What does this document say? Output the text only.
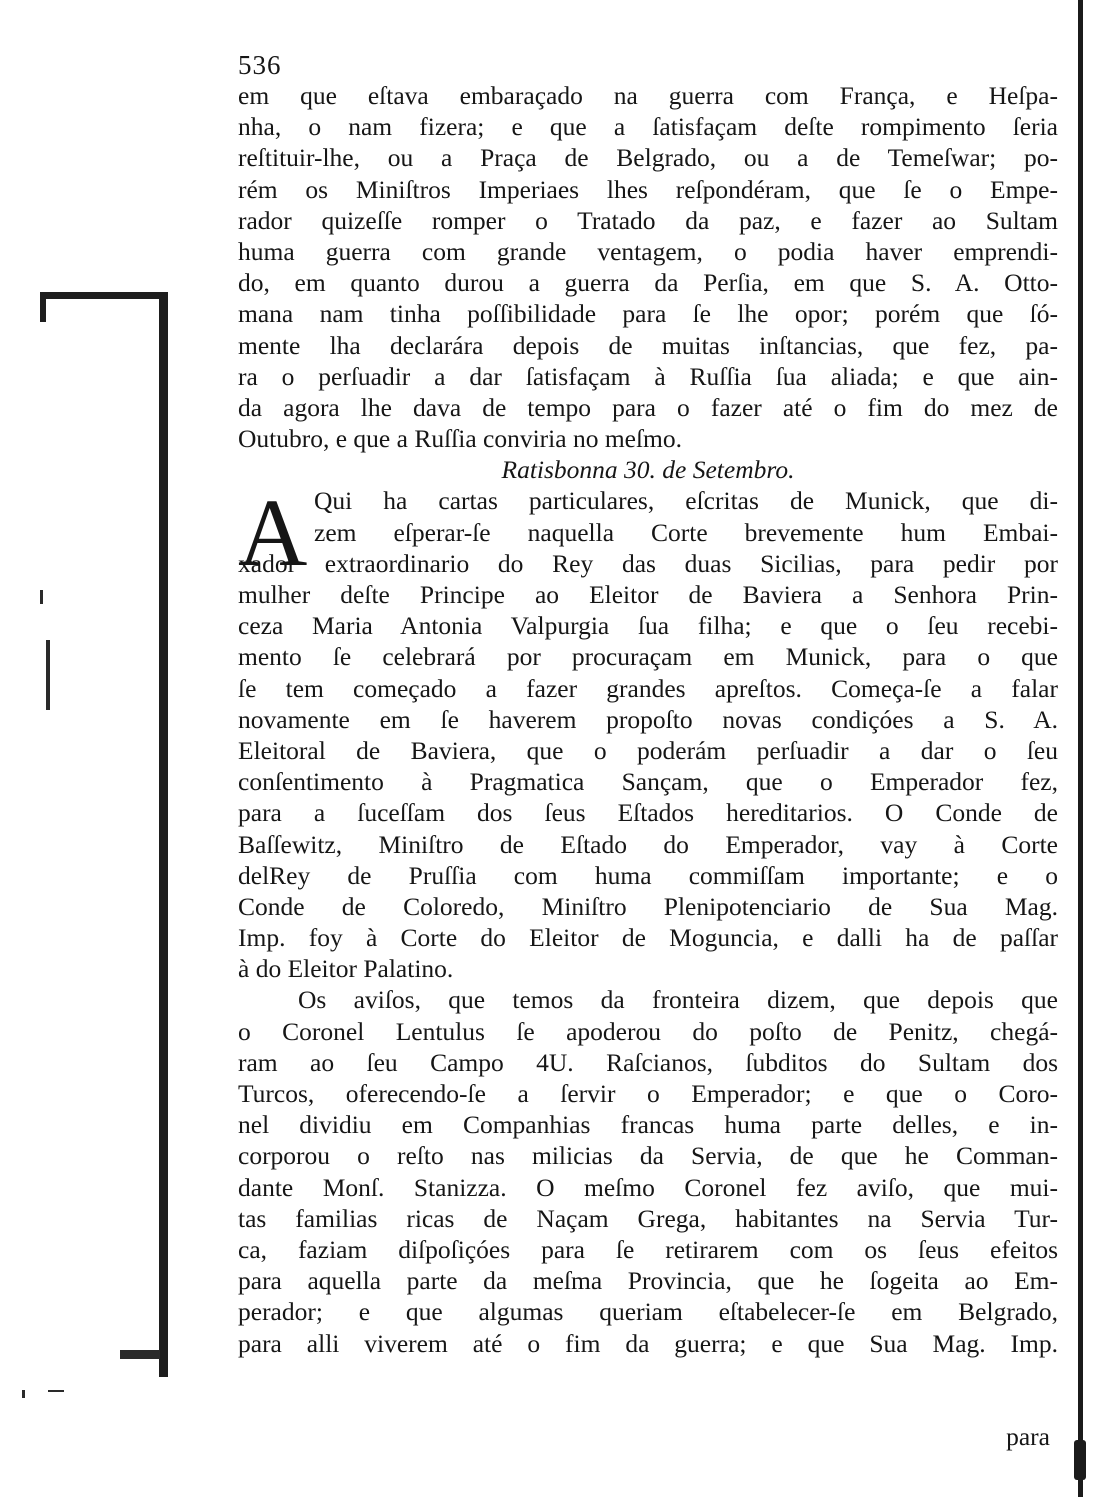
536
em que eſtava embaraçado na guerra com França, e Heſpa-
nha, o nam fizera; e que a ſatisfaçam deſte rompimento ſeria
reſtituir-lhe, ou a Praça de Belgrado, ou a de Temeſwar; po-
rém os Miniſtros Imperiaes lhes reſpondéram, que ſe o Empe-
rador quizeſſe romper o Tratado da paz, e fazer ao Sultam
huma guerra com grande ventagem, o podia haver emprendi-
do, em quanto durou a guerra da Perſia, em que S. A. Otto-
mana nam tinha poſſibilidade para ſe lhe opor; porém que ſó-
mente lha declarára depois de muitas inſtancias, que fez, pa-
ra o perſuadir a dar ſatisfaçam à Ruſſia ſua aliada; e que ain-
da agora lhe dava de tempo para o fazer até o fim do mez de
Outubro, e que a Ruſſia conviria no meſmo.
Ratisbonna 30. de Setembro.
A Qui ha cartas particulares, eſcritas de Munick, que di-
zem eſperar-ſe naquella Corte brevemente hum Embai-
xador extraordinario do Rey das duas Sicilias, para pedir por
mulher deſte Principe ao Eleitor de Baviera a Senhora Prin-
ceza Maria Antonia Valpurgia ſua filha; e que o ſeu recebi-
mento ſe celebrará por procuraçam em Munick, para o que
ſe tem começado a fazer grandes apreſtos. Começa-ſe a falar
novamente em ſe haverem propoſto novas condiçóes a S. A.
Eleitoral de Baviera, que o poderám perſuadir a dar o ſeu
conſentimento à Pragmatica Sançam, que o Emperador fez,
para a ſuceſſam dos ſeus Eſtados hereditarios. O Conde de
Baſſewitz, Miniſtro de Eſtado do Emperador, vay à Corte
delRey de Pruſſia com huma commiſſam importante; e o
Conde de Coloredo, Miniſtro Plenipotenciario de Sua Mag.
Imp. foy à Corte do Eleitor de Moguncia, e dalli ha de paſſar
à do Eleitor Palatino.
Os aviſos, que temos da fronteira dizem, que depois que
o Coronel Lentulus ſe apoderou do poſto de Penitz, chegá-
ram ao ſeu Campo 4U. Raſcianos, ſubditos do Sultam dos
Turcos, oferecendo-ſe a ſervir o Emperador; e que o Coro-
nel dividiu em Companhias francas huma parte delles, e in-
corporou o reſto nas milicias da Servia, de que he Comman-
dante Monſ. Stanizza. O meſmo Coronel fez aviſo, que mui-
tas familias ricas de Naçam Grega, habitantes na Servia Tur-
ca, faziam diſpoſiçóes para ſe retirarem com os ſeus efeitos
para aquella parte da meſma Provincia, que he ſogeita ao Em-
perador; e que algumas queriam eſtabelecer-ſe em Belgrado,
para alli viverem até o fim da guerra; e que Sua Mag. Imp.
para
